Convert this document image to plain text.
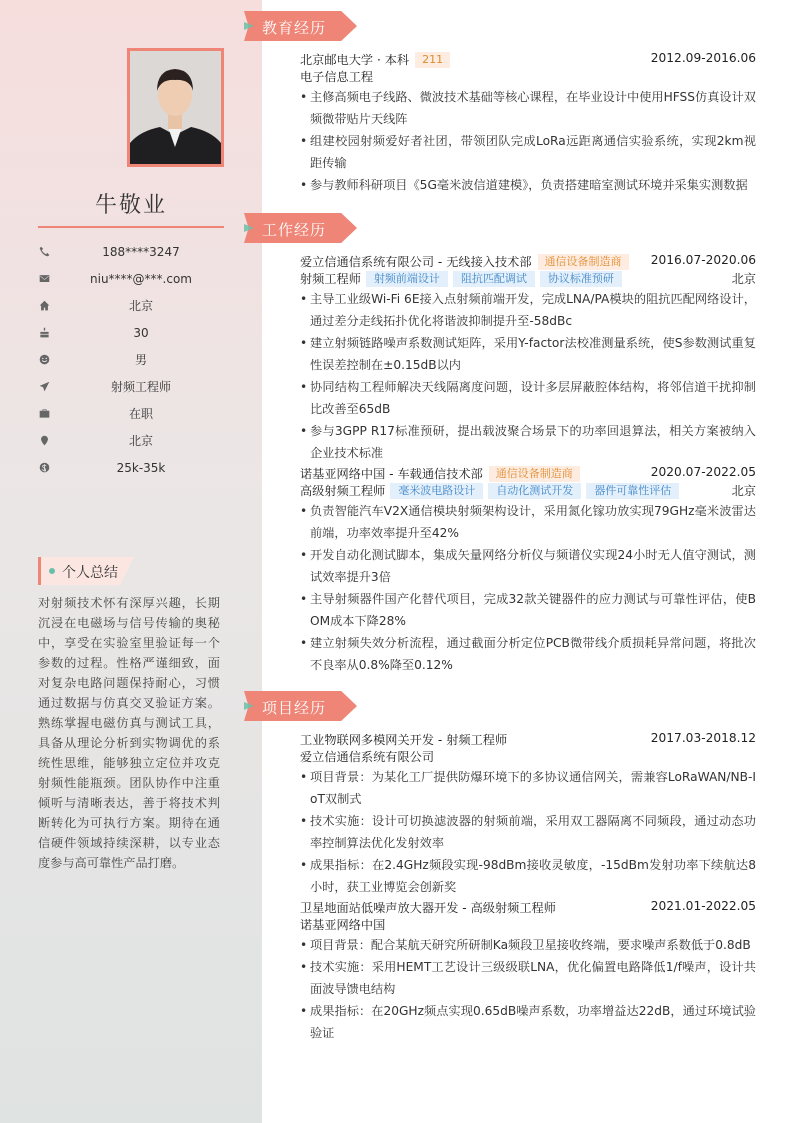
牛敬业
188****3247
niu****@***.com
北京
30
男
射频工程师
在职
北京
25k-35k
个人总结
对射频技术怀有深厚兴趣，长期沉浸在电磁场与信号传输的奥秘中，享受在实验室里验证每一个参数的过程。性格严谨细致，面对复杂电路问题保持耐心，习惯通过数据与仿真交叉验证方案。熟练掌握电磁仿真与测试工具，具备从理论分析到实物调优的系统性思维，能够独立定位并攻克射频性能瓶颈。团队协作中注重倾听与清晰表达，善于将技术判断转化为可执行方案。期待在通信硬件领域持续深耕，以专业态度参与高可靠性产品打磨。
教育经历
北京邮电大学 · 本科	211	2012.09-2016.06
电子信息工程
• 主修高频电子线路、微波技术基础等核心课程，在毕业设计中使用HFSS仿真设计双频微带贴片天线阵
• 组建校园射频爱好者社团，带领团队完成LoRa远距离通信实验系统，实现2km视距传输
• 参与教师科研项目《5G毫米波信道建模》，负责搭建暗室测试环境并采集实测数据
工作经历
爱立信通信系统有限公司 - 无线接入技术部	通信设备制造商	2016.07-2020.06
射频工程师	射频前端设计	阻抗匹配调试	协议标准预研	北京
• 主导工业级Wi-Fi 6E接入点射频前端开发，完成LNA/PA模块的阻抗匹配网络设计，通过差分走线拓扑优化将谐波抑制提升至-58dBc
• 建立射频链路噪声系数测试矩阵，采用Y-factor法校准测量系统，使S参数测试重复性误差控制在±0.15dB以内
• 协同结构工程师解决天线隔离度问题，设计多层屏蔽腔体结构，将邻信道干扰抑制比改善至65dB
• 参与3GPP R17标准预研，提出载波聚合场景下的功率回退算法，相关方案被纳入企业技术标准
诺基亚网络中国 - 车载通信技术部	通信设备制造商	2020.07-2022.05
高级射频工程师	毫米波电路设计	自动化测试开发	器件可靠性评估	北京
• 负责智能汽车V2X通信模块射频架构设计，采用氮化镓功放实现79GHz毫米波雷达前端，功率效率提升至42%
• 开发自动化测试脚本，集成矢量网络分析仪与频谱仪实现24小时无人值守测试，测试效率提升3倍
• 主导射频器件国产化替代项目，完成32款关键器件的应力测试与可靠性评估，使BOM成本下降28%
• 建立射频失效分析流程，通过截面分析定位PCB微带线介质损耗异常问题，将批次不良率从0.8%降至0.12%
项目经历
工业物联网多模网关开发 - 射频工程师	2017.03-2018.12
爱立信通信系统有限公司
• 项目背景：为某化工厂提供防爆环境下的多协议通信网关，需兼容LoRaWAN/NB-IoT双制式
• 技术实施：设计可切换滤波器的射频前端，采用双工器隔离不同频段，通过动态功率控制算法优化发射效率
• 成果指标：在2.4GHz频段实现-98dBm接收灵敏度，-15dBm发射功率下续航达8小时，获工业博览会创新奖
卫星地面站低噪声放大器开发 - 高级射频工程师	2021.01-2022.05
诺基亚网络中国
• 项目背景：配合某航天研究所研制Ka频段卫星接收终端，要求噪声系数低于0.8dB
• 技术实施：采用HEMT工艺设计三级级联LNA，优化偏置电路降低1/f噪声，设计共面波导馈电结构
• 成果指标：在20GHz频点实现0.65dB噪声系数，功率增益达22dB，通过环境试验验证
